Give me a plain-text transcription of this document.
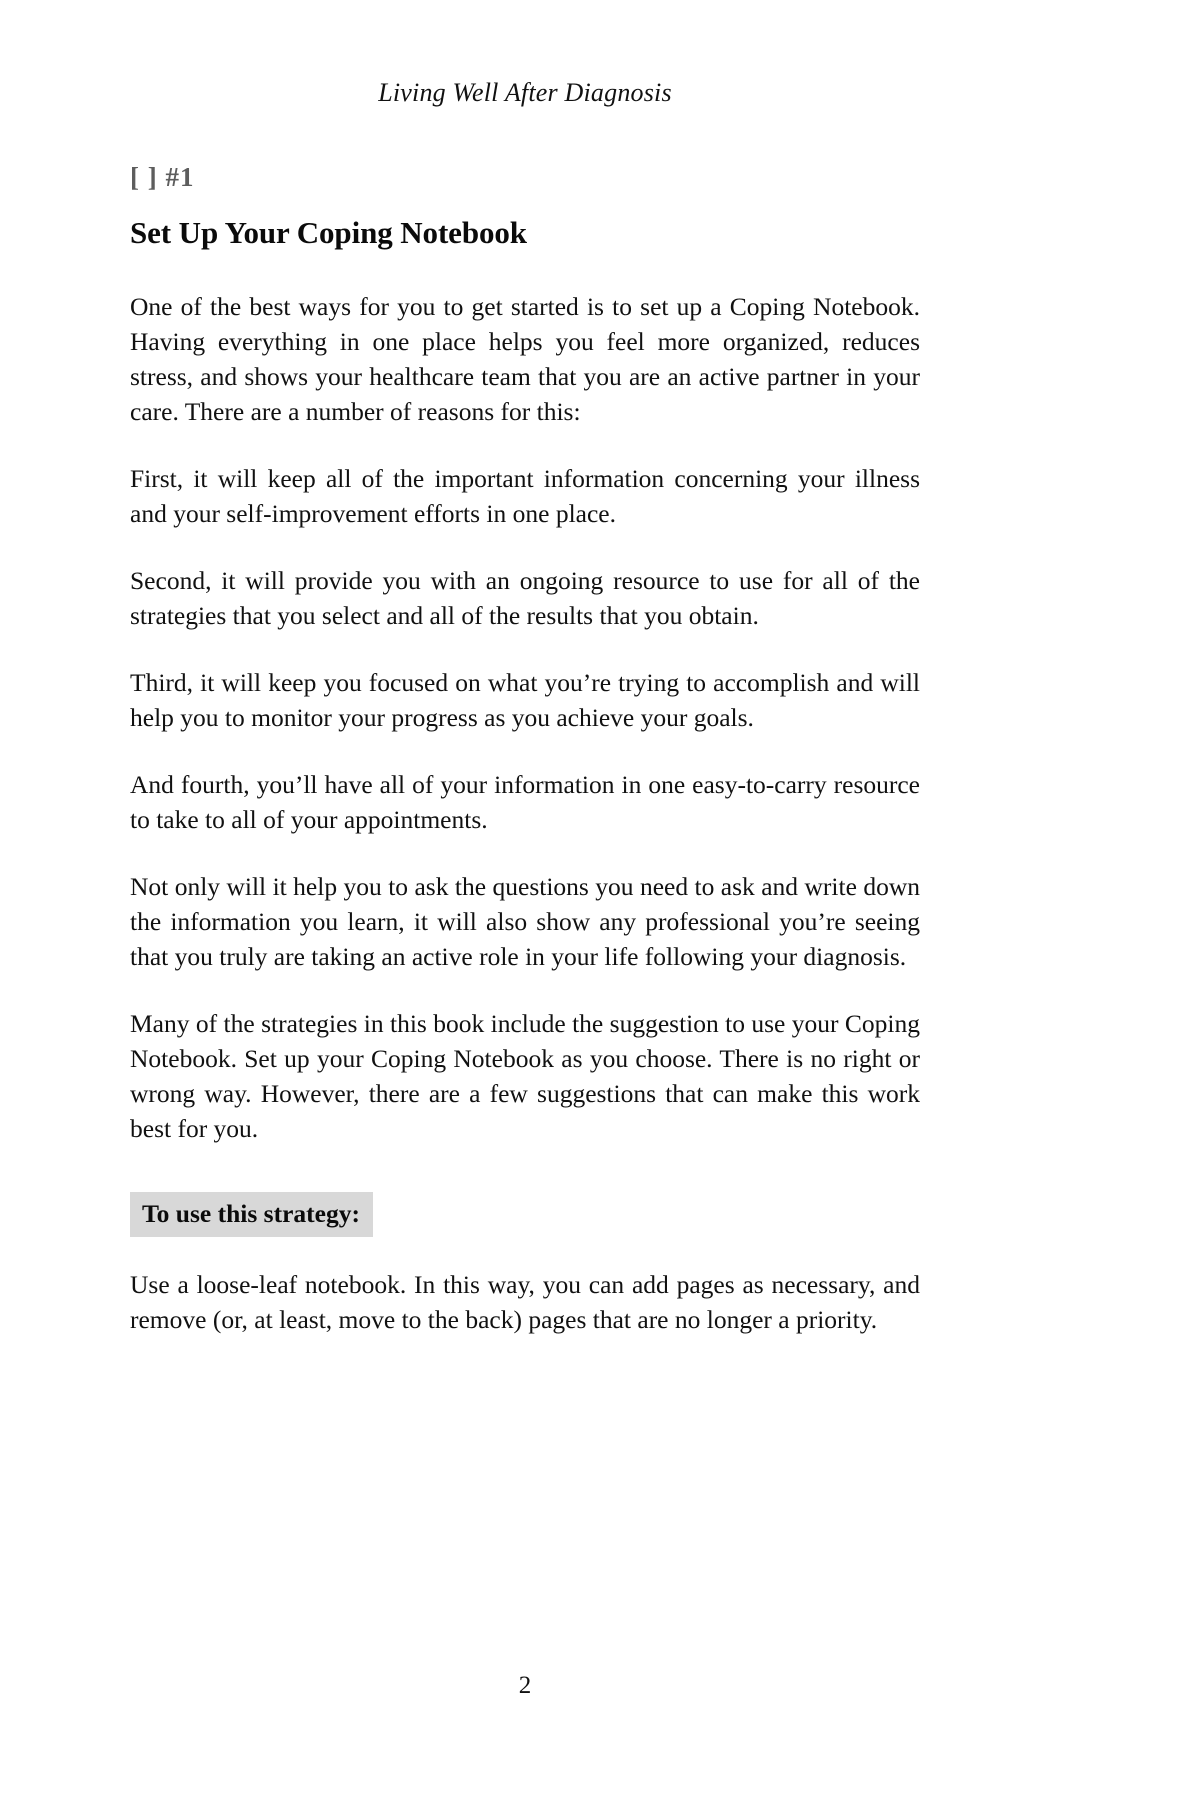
Living Well After Diagnosis
[ ] #1
Set Up Your Coping Notebook

One of the best ways for you to get started is to set up a Coping Notebook. Having everything in one place helps you feel more organized, reduces stress, and shows your healthcare team that you are an active partner in your care. There are a number of reasons for this:

First, it will keep all of the important information concerning your illness and your self-improvement efforts in one place.

Second, it will provide you with an ongoing resource to use for all of the strategies that you select and all of the results that you obtain.

Third, it will keep you focused on what you’re trying to accomplish and will help you to monitor your progress as you achieve your goals.

And fourth, you’ll have all of your information in one easy-to-carry resource to take to all of your appointments.

Not only will it help you to ask the questions you need to ask and write down the information you learn, it will also show any professional you’re seeing that you truly are taking an active role in your life following your diagnosis.

Many of the strategies in this book include the suggestion to use your Coping Notebook. Set up your Coping Notebook as you choose. There is no right or wrong way. However, there are a few suggestions that can make this work best for you.

To use this strategy:

Use a loose-leaf notebook. In this way, you can add pages as necessary, and remove (or, at least, move to the back) pages that are no longer a priority.

2
